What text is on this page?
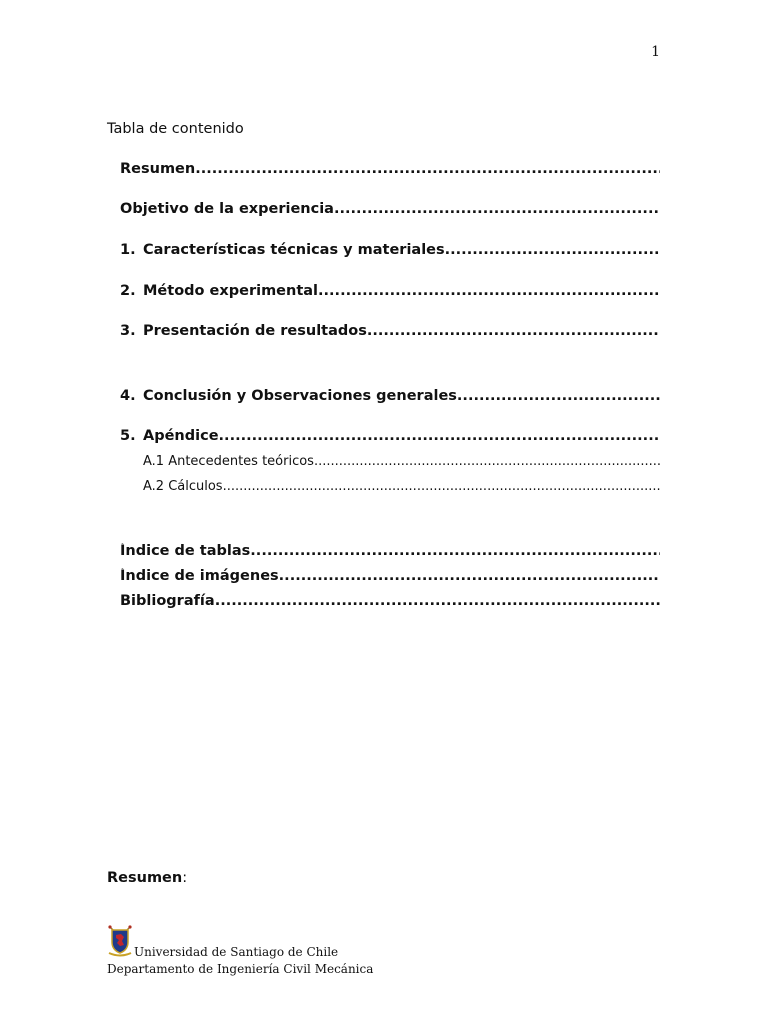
1
Tabla de contenido
Resumen
.....
Objetivo de la experiencia
.....
1. Características técnicas y materiales
.....
2. Método experimental
.....
3. Presentación de resultados
.....
4. Conclusión y Observaciones generales
.....
5. Apéndice
.....
A.1 Antecedentes teóricos
.....
A.2 Cálculos
.....
Índice de tablas
.....
Índice de imágenes
.....
Bibliografía
.....
Resumen:
Universidad de Santiago de Chile
Departamento de Ingeniería Civil Mecánica
